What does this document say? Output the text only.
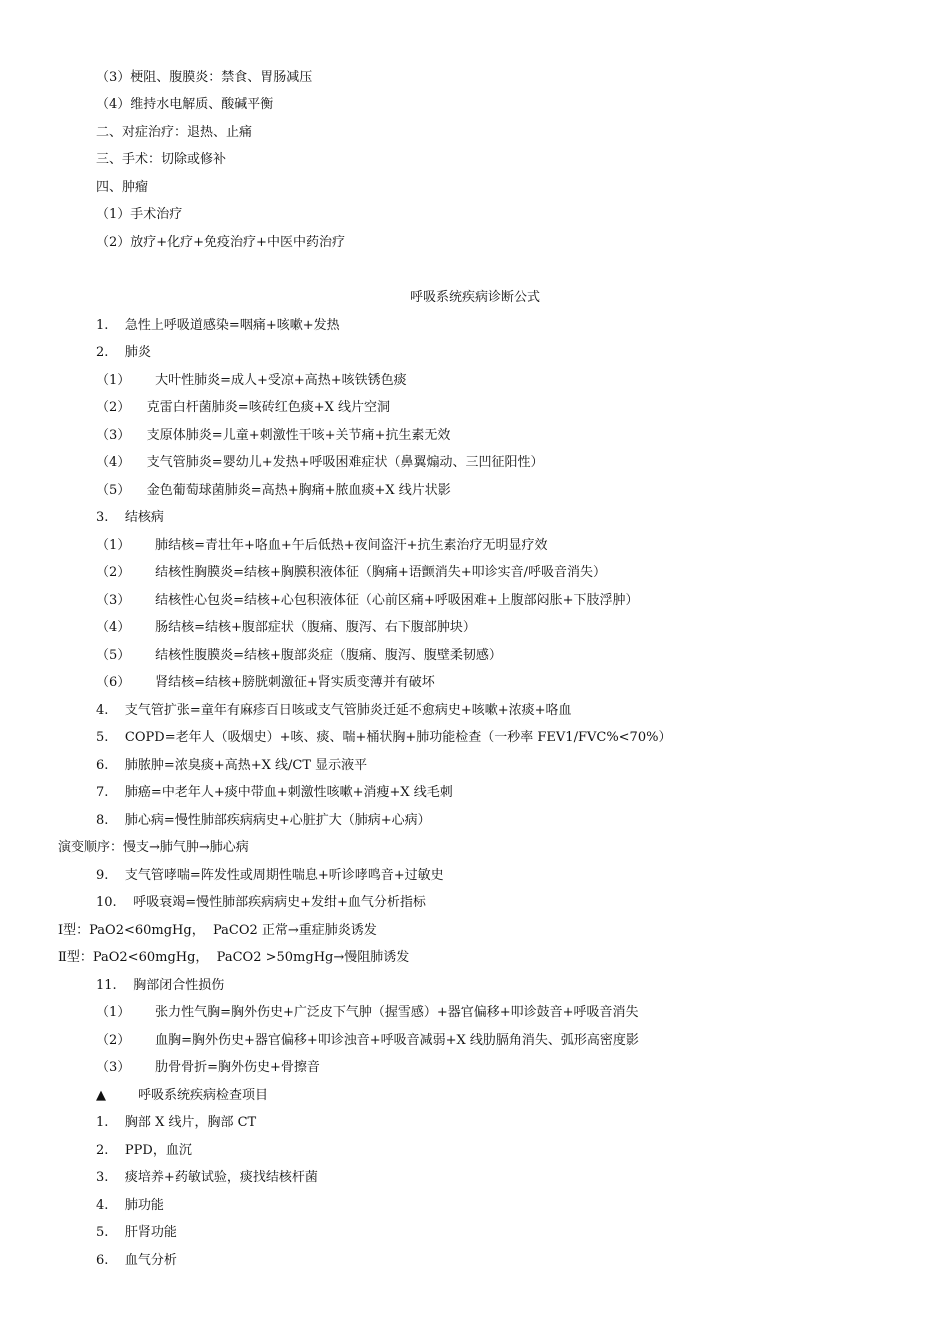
（3）梗阻、腹膜炎：禁食、胃肠减压
（4）维持水电解质、酸碱平衡
二、对症治疗：退热、止痛
三、手术：切除或修补
四、肿瘤
（1）手术治疗
（2）放疗+化疗+免疫治疗+中医中药治疗
呼吸系统疾病诊断公式
1.    急性上呼吸道感染=咽痛+咳嗽+发热
2.    肺炎
（1）      大叶性肺炎=成人+受凉+高热+咳铁锈色痰
（2）    克雷白杆菌肺炎=咳砖红色痰+X 线片空洞
（3）    支原体肺炎=儿童+刺激性干咳+关节痛+抗生素无效
（4）    支气管肺炎=婴幼儿+发热+呼吸困难症状（鼻翼煽动、三凹征阳性）
（5）    金色葡萄球菌肺炎=高热+胸痛+脓血痰+X 线片状影
3.    结核病
（1）      肺结核=青壮年+咯血+午后低热+夜间盗汗+抗生素治疗无明显疗效
（2）      结核性胸膜炎=结核+胸膜积液体征（胸痛+语颤消失+叩诊实音/呼吸音消失）
（3）      结核性心包炎=结核+心包积液体征（心前区痛+呼吸困难+上腹部闷胀+下肢浮肿）
（4）      肠结核=结核+腹部症状（腹痛、腹泻、右下腹部肿块）
（5）      结核性腹膜炎=结核+腹部炎症（腹痛、腹泻、腹壁柔韧感）
（6）      肾结核=结核+膀胱刺激征+肾实质变薄并有破坏
4.    支气管扩张=童年有麻疹百日咳或支气管肺炎迁延不愈病史+咳嗽+浓痰+咯血
5.    COPD=老年人（吸烟史）+咳、痰、喘+桶状胸+肺功能检查（一秒率 FEV1/FVC%<70%）
6.    肺脓肿=浓臭痰+高热+X 线/CT 显示液平
7.    肺癌=中老年人+痰中带血+刺激性咳嗽+消瘦+X 线毛刺
8.    肺心病=慢性肺部疾病病史+心脏扩大（肺病+心病）
演变顺序：慢支→肺气肿→肺心病
9.    支气管哮喘=阵发性或周期性喘息+听诊哮鸣音+过敏史
10.    呼吸衰竭=慢性肺部疾病病史+发绀+血气分析指标
Ⅰ型：PaO2<60mgHg，  PaCO2 正常→重症肺炎诱发
Ⅱ型：PaO2<60mgHg，  PaCO2 >50mgHg→慢阻肺诱发
11.    胸部闭合性损伤
（1）      张力性气胸=胸外伤史+广泛皮下气肿（握雪感）+器官偏移+叩诊鼓音+呼吸音消失
（2）      血胸=胸外伤史+器官偏移+叩诊浊音+呼吸音减弱+X 线肋膈角消失、弧形高密度影
（3）      肋骨骨折=胸外伤史+骨擦音
▲ 呼吸系统疾病检查项目
1.    胸部 X 线片，胸部 CT
2.    PPD，血沉
3.    痰培养+药敏试验，痰找结核杆菌
4.    肺功能
5.    肝肾功能
6.    血气分析
